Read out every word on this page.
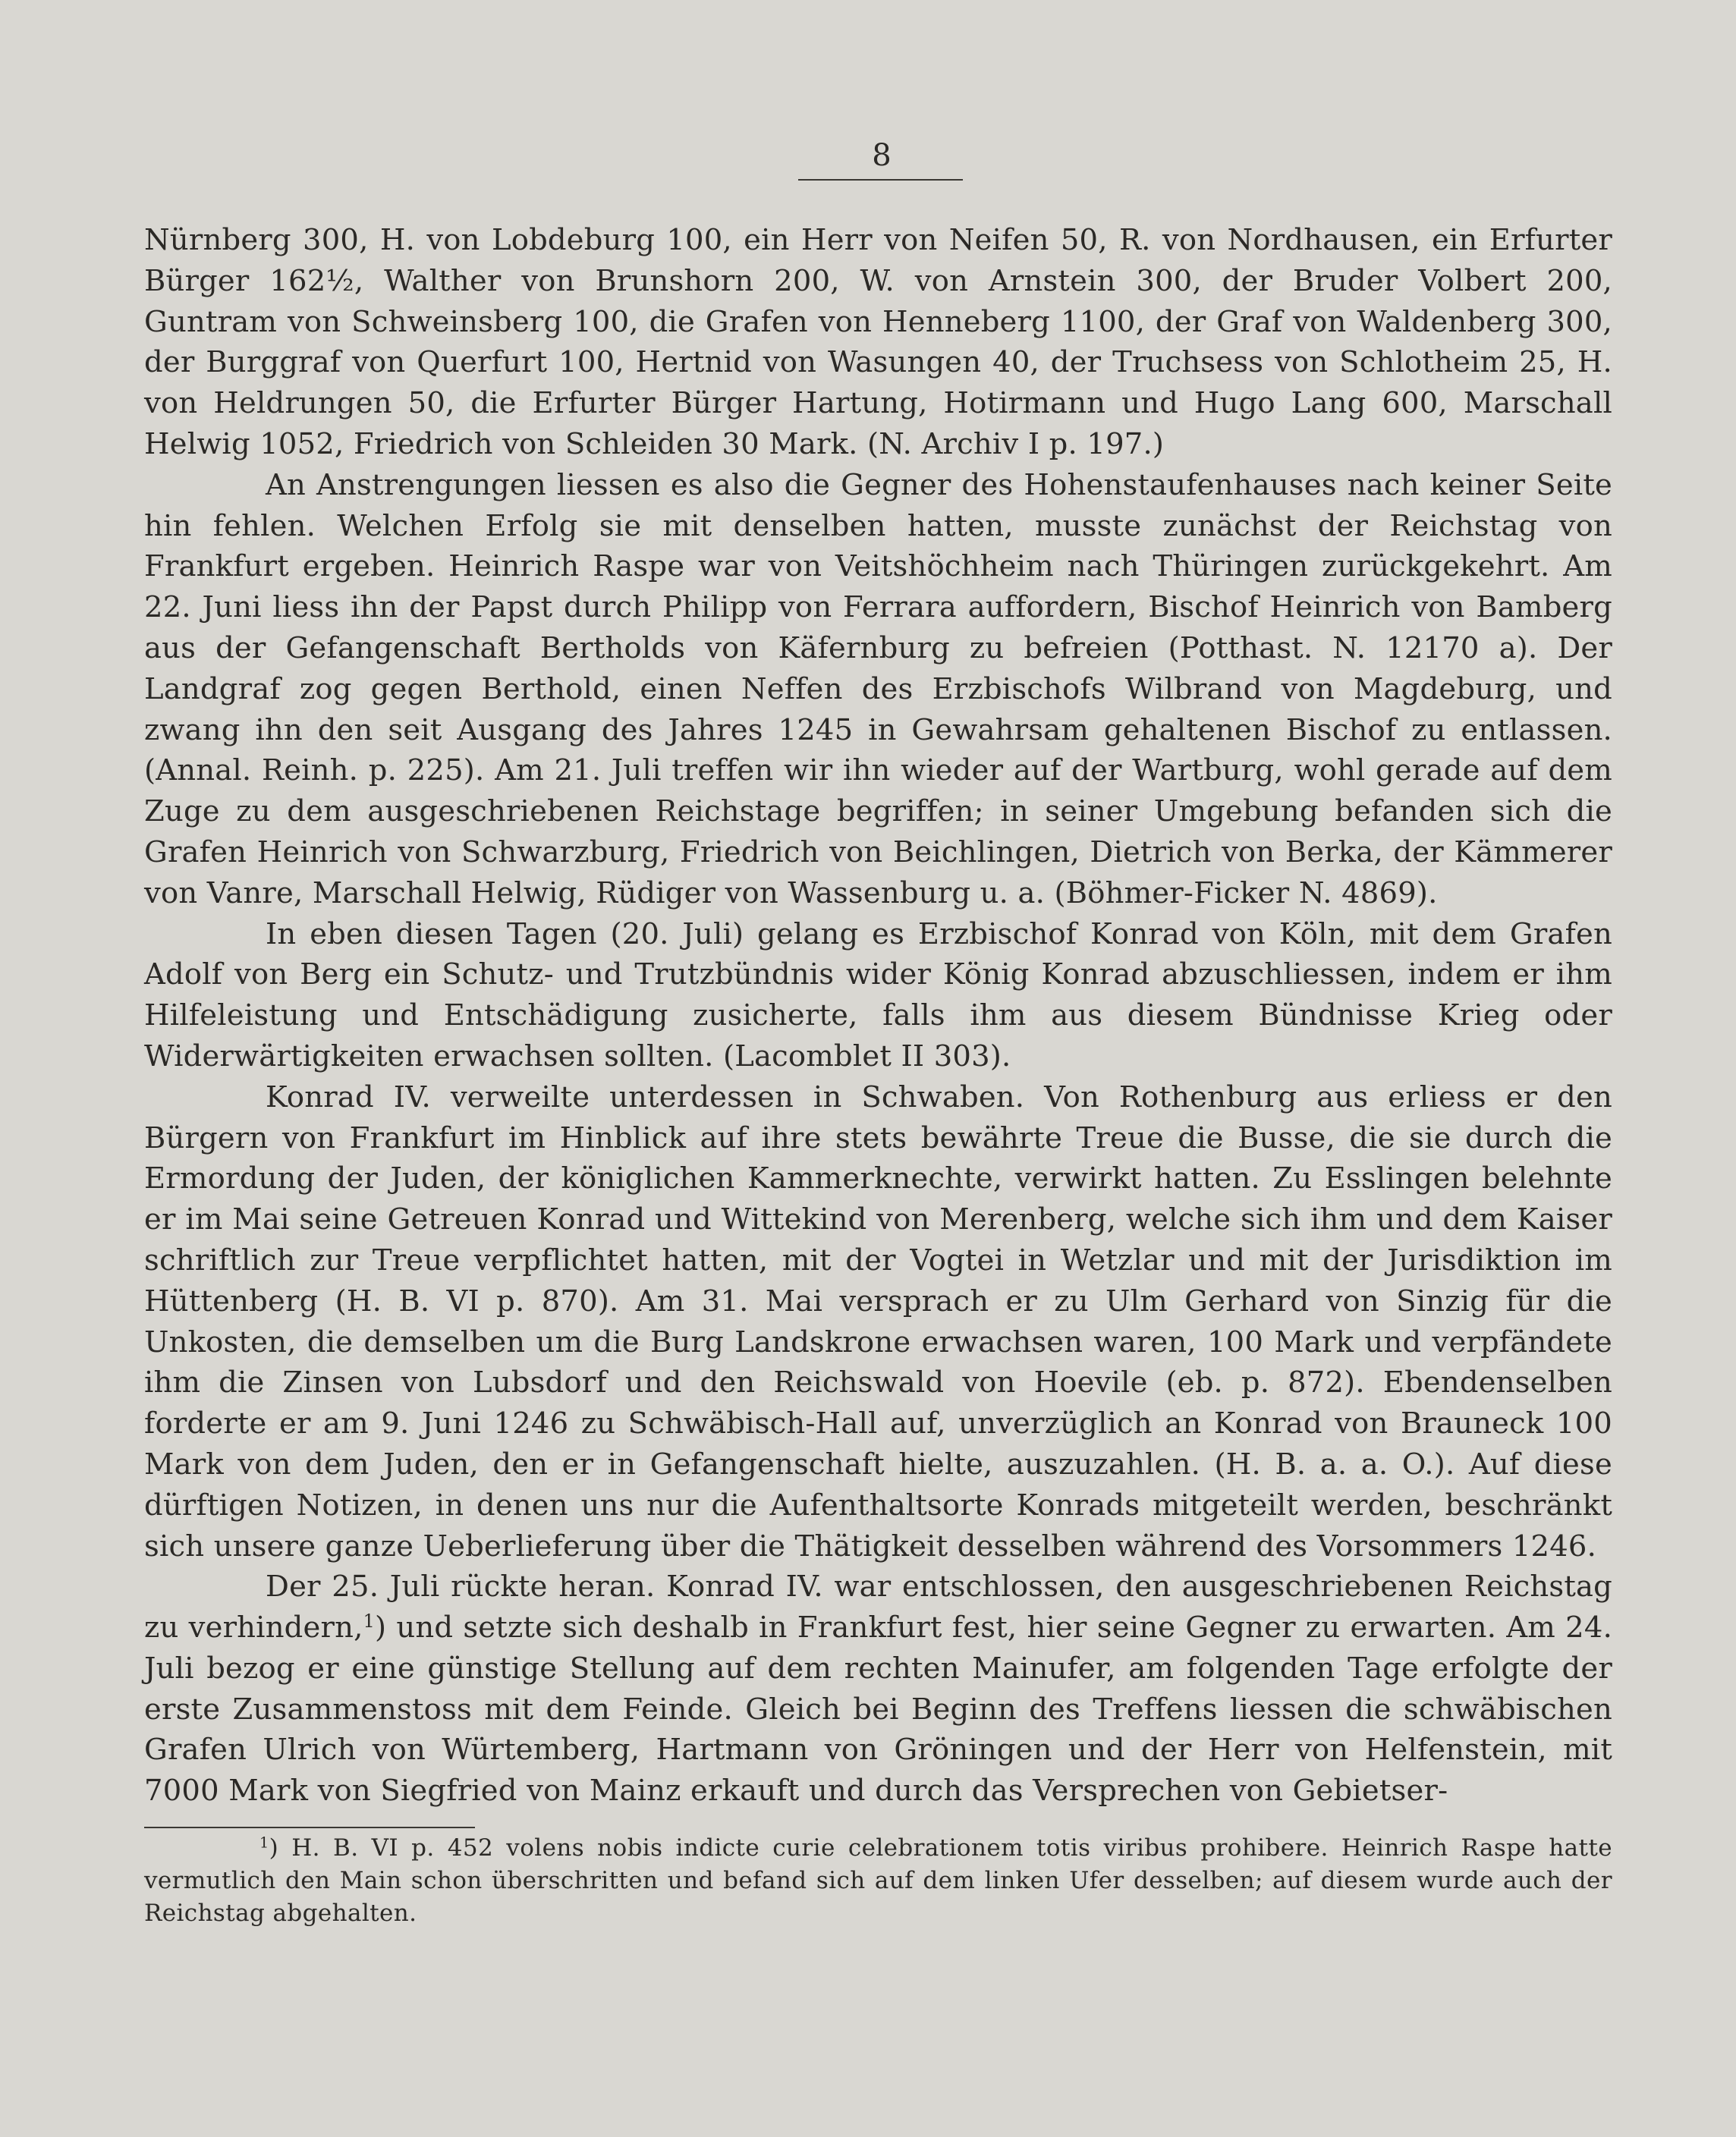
8

Nürnberg 300, H. von Lobdeburg 100, ein Herr von Neifen 50, R. von Nordhausen, ein Erfurter Bürger 162½, Walther von Brunshorn 200, W. von Arnstein 300, der Bruder Volbert 200, Guntram von Schweinsberg 100, die Grafen von Henneberg 1100, der Graf von Waldenberg 300, der Burggraf von Querfurt 100, Hertnid von Wasungen 40, der Truchsess von Schlotheim 25, H. von Heldrungen 50, die Erfurter Bürger Hartung, Hotirmann und Hugo Lang 600, Marschall Helwig 1052, Friedrich von Schleiden 30 Mark. (N. Archiv I p. 197.)

An Anstrengungen liessen es also die Gegner des Hohenstaufenhauses nach keiner Seite hin fehlen. Welchen Erfolg sie mit denselben hatten, musste zunächst der Reichstag von Frankfurt ergeben. Heinrich Raspe war von Veitshöchheim nach Thüringen zurückgekehrt. Am 22. Juni liess ihn der Papst durch Philipp von Ferrara auffordern, Bischof Heinrich von Bamberg aus der Gefangenschaft Bertholds von Käfernburg zu befreien (Potthast. N. 12170 a). Der Landgraf zog gegen Berthold, einen Neffen des Erzbischofs Wilbrand von Magdeburg, und zwang ihn den seit Ausgang des Jahres 1245 in Gewahrsam gehaltenen Bischof zu entlassen. (Annal. Reinh. p. 225). Am 21. Juli treffen wir ihn wieder auf der Wartburg, wohl gerade auf dem Zuge zu dem ausgeschriebenen Reichstage begriffen; in seiner Umgebung befanden sich die Grafen Heinrich von Schwarzburg, Friedrich von Beichlingen, Dietrich von Berka, der Kämmerer von Vanre, Marschall Helwig, Rüdiger von Wassenburg u. a. (Böhmer-Ficker N. 4869).

In eben diesen Tagen (20. Juli) gelang es Erzbischof Konrad von Köln, mit dem Grafen Adolf von Berg ein Schutz- und Trutzbündnis wider König Konrad abzuschliessen, indem er ihm Hilfeleistung und Entschädigung zusicherte, falls ihm aus diesem Bündnisse Krieg oder Widerwärtigkeiten erwachsen sollten. (Lacomblet II 303).

Konrad IV. verweilte unterdessen in Schwaben. Von Rothenburg aus erliess er den Bürgern von Frankfurt im Hinblick auf ihre stets bewährte Treue die Busse, die sie durch die Ermordung der Juden, der königlichen Kammerknechte, verwirkt hatten. Zu Esslingen belehnte er im Mai seine Getreuen Konrad und Wittekind von Merenberg, welche sich ihm und dem Kaiser schriftlich zur Treue verpflichtet hatten, mit der Vogtei in Wetzlar und mit der Jurisdiktion im Hüttenberg (H. B. VI p. 870). Am 31. Mai versprach er zu Ulm Gerhard von Sinzig für die Unkosten, die demselben um die Burg Landskrone erwachsen waren, 100 Mark und verpfändete ihm die Zinsen von Lubsdorf und den Reichswald von Hoevile (eb. p. 872). Ebendenselben forderte er am 9. Juni 1246 zu Schwäbisch-Hall auf, unverzüglich an Konrad von Brauneck 100 Mark von dem Juden, den er in Gefangenschaft hielte, auszuzahlen. (H. B. a. a. O.). Auf diese dürftigen Notizen, in denen uns nur die Aufenthaltsorte Konrads mitgeteilt werden, beschränkt sich unsere ganze Ueberlieferung über die Thätigkeit desselben während des Vorsommers 1246.

Der 25. Juli rückte heran. Konrad IV. war entschlossen, den ausgeschriebenen Reichstag zu verhindern,$^1$) und setzte sich deshalb in Frankfurt fest, hier seine Gegner zu erwarten. Am 24. Juli bezog er eine günstige Stellung auf dem rechten Mainufer, am folgenden Tage erfolgte der erste Zusammenstoss mit dem Feinde. Gleich bei Beginn des Treffens liessen die schwäbischen Grafen Ulrich von Würtemberg, Hartmann von Gröningen und der Herr von Helfenstein, mit 7000 Mark von Siegfried von Mainz erkauft und durch das Versprechen von Gebietser-

$^1$) H. B. VI p. 452 volens nobis indicte curie celebrationem totis viribus prohibere. Heinrich Raspe hatte vermutlich den Main schon überschritten und befand sich auf dem linken Ufer desselben; auf diesem wurde auch der Reichstag abgehalten.
